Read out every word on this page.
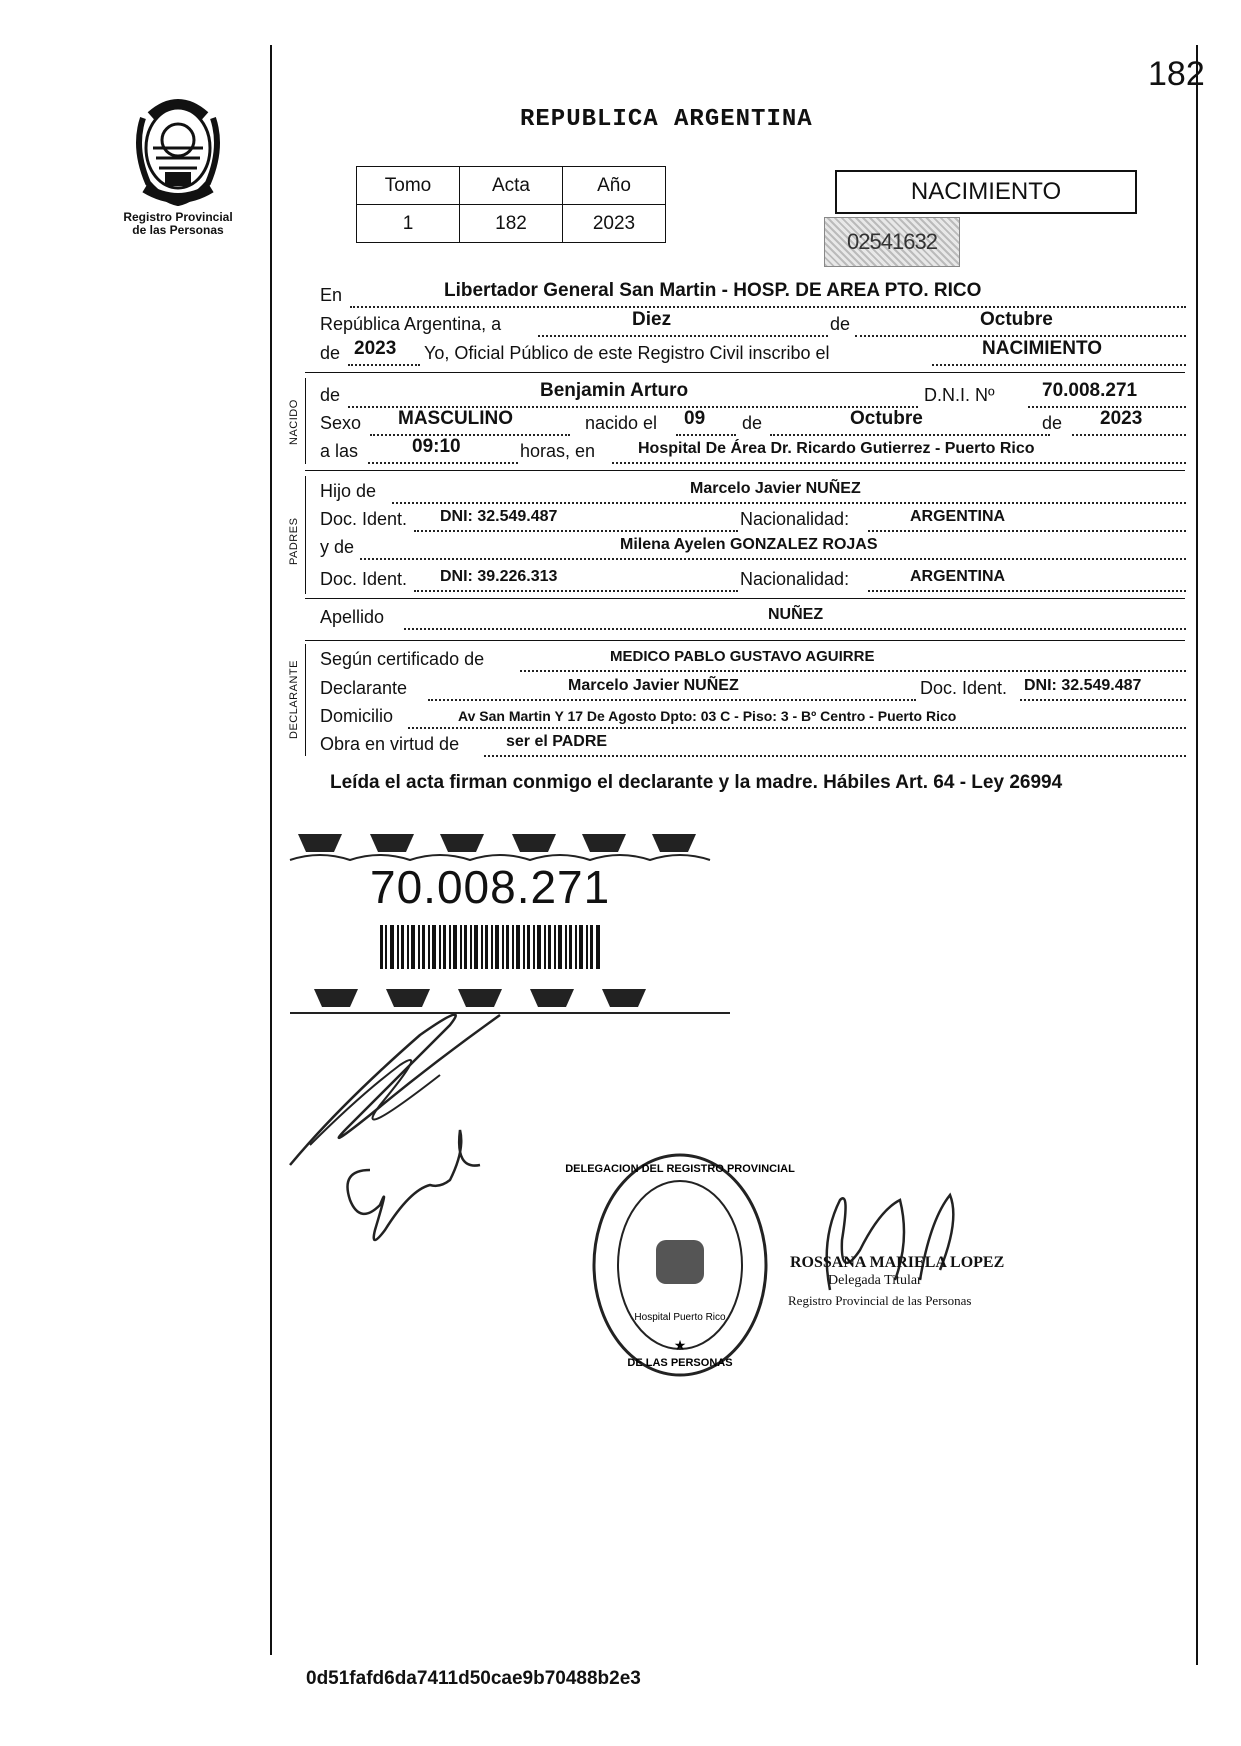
Registro Provincial
de las Personas
182
REPUBLICA ARGENTINA
Tomo	Acta	Año
1	182	2023
NACIMIENTO
02541632
En	Libertador General San Martin - HOSP. DE AREA PTO. RICO
República Argentina, a	Diez	de	Octubre
de 2023 Yo, Oficial Público de este Registro Civil inscribo el	NACIMIENTO
NACIDO
de	Benjamin Arturo	D.N.I. Nº 70.008.271
Sexo MASCULINO	nacido el 09 de	Octubre	de 2023
a las	09:10	horas, en	Hospital De Área Dr. Ricardo Gutierrez - Puerto Rico
PADRES
Hijo de	Marcelo Javier NUÑEZ
Doc. Ident. DNI: 32.549.487	Nacionalidad:	ARGENTINA
y de	Milena Ayelen GONZALEZ ROJAS
Doc. Ident. DNI: 39.226.313	Nacionalidad:	ARGENTINA
Apellido	NUÑEZ
DECLARANTE
Según certificado de	MEDICO PABLO GUSTAVO AGUIRRE
Declarante	Marcelo Javier NUÑEZ	Doc. Ident. DNI: 32.549.487
Domicilio	Av San Martin Y 17 De Agosto Dpto: 03 C - Piso: 3 - Bº Centro - Puerto Rico
Obra en virtud de	ser el PADRE
Leída el acta firman conmigo el declarante y la madre. Hábiles Art. 64 - Ley 26994
70.008.271
DELEGACION DEL REGISTRO PROVINCIAL
DE LAS PERSONAS
Hospital Puerto Rico
★
ROSSANA MARIELA LOPEZ
Delegada Titular
Registro Provincial de las Personas
0d51fafd6da7411d50cae9b70488b2e3
